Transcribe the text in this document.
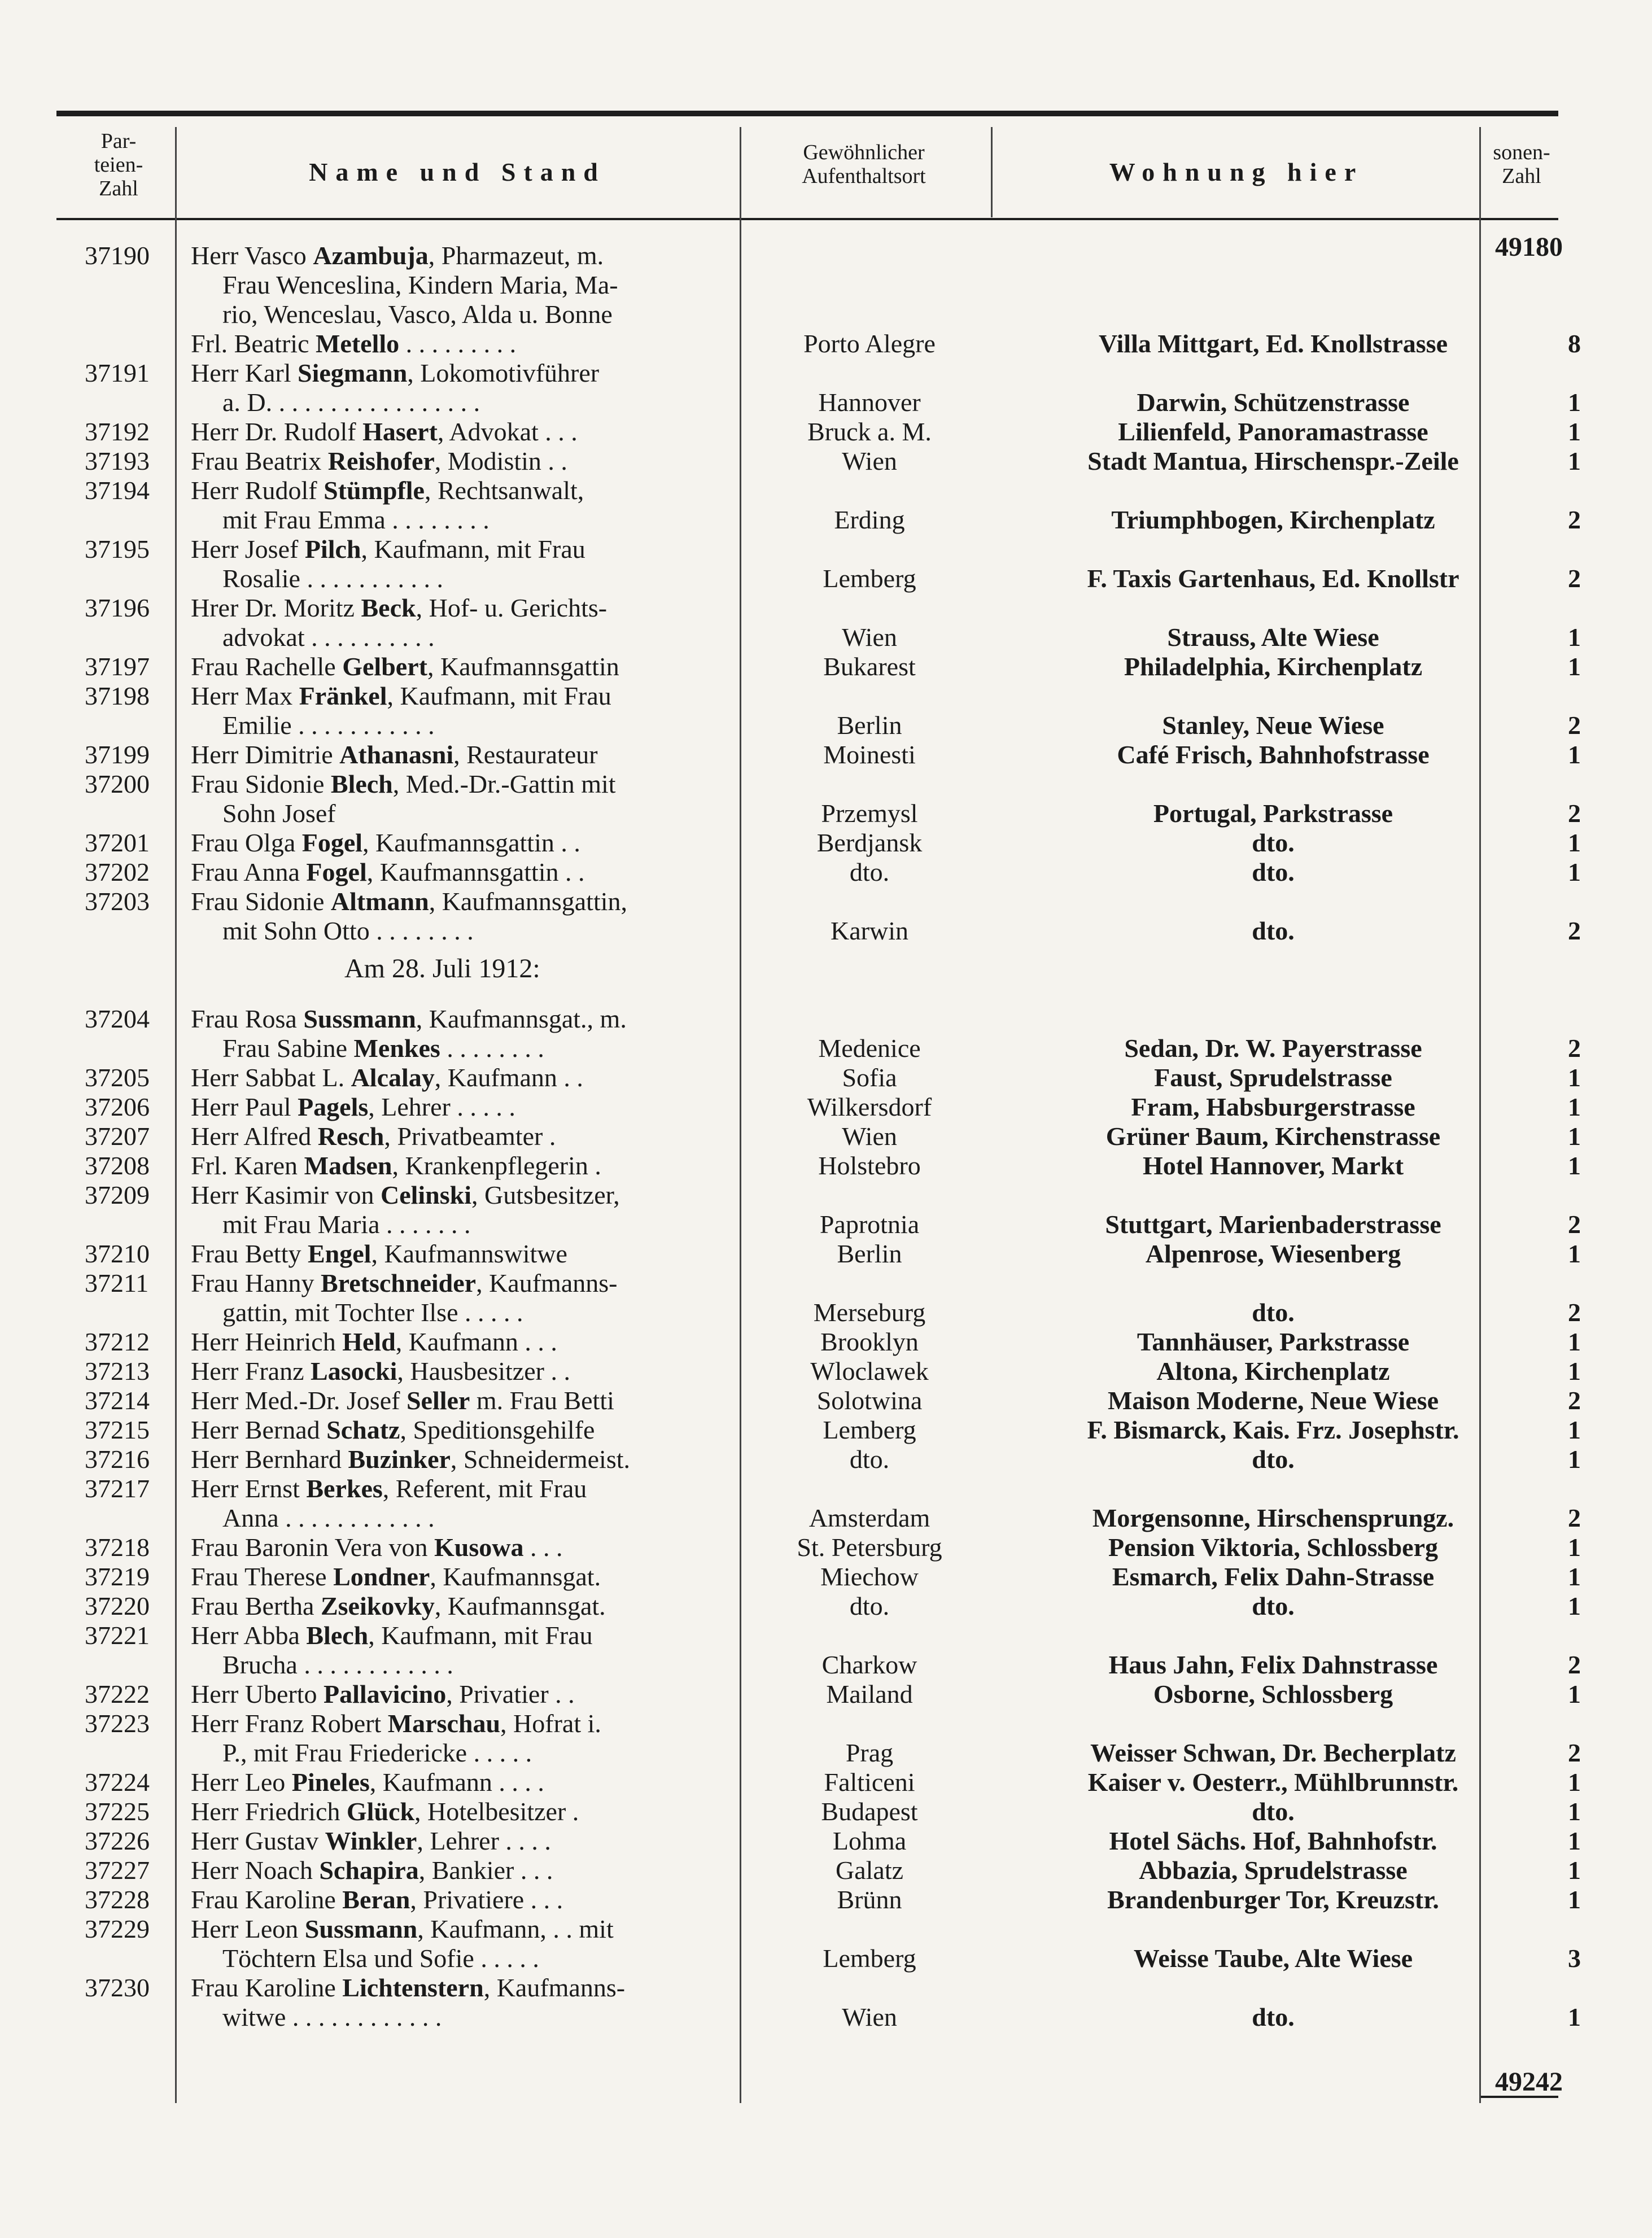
Par-
teien-
Zahl
Name und Stand
Gewöhnlicher
Aufenthaltsort	Wohnung hier
sonen-
Zahl
49180
37190	Herr Vasco Azambuja, Pharmazeut, m.
Frau Wenceslina, Kindern Maria, Ma-
rio, Wenceslau, Vasco, Alda u. Bonne
Frl. Beatric Metello . . . . . . . . .	Porto Alegre	Villa Mittgart, Ed. Knollstrasse	8
37191	Herr Karl Siegmann, Lokomotivführer
a. D. . . . . . . . . . . . . . . . .	Hannover	Darwin, Schützenstrasse	1
37192	Herr Dr. Rudolf Hasert, Advokat . . .	Bruck a. M.	Lilienfeld, Panoramastrasse	1
37193	Frau Beatrix Reishofer, Modistin . .	Wien	Stadt Mantua, Hirschenspr.-Zeile	1
37194	Herr Rudolf Stümpfle, Rechtsanwalt,
mit Frau Emma . . . . . . . .	Erding	Triumphbogen, Kirchenplatz	2
37195	Herr Josef Pilch, Kaufmann, mit Frau
Rosalie . . . . . . . . . . .	Lemberg	F. Taxis Gartenhaus, Ed. Knollstr	2
37196	Hrer Dr. Moritz Beck, Hof- u. Gerichts-
advokat . . . . . . . . . .	Wien	Strauss, Alte Wiese	1
37197	Frau Rachelle Gelbert, Kaufmannsgattin	Bukarest	Philadelphia, Kirchenplatz	1
37198	Herr Max Fränkel, Kaufmann, mit Frau
Emilie . . . . . . . . . . .	Berlin	Stanley, Neue Wiese	2
37199	Herr Dimitrie Athanasni, Restaurateur	Moinesti	Café Frisch, Bahnhofstrasse	1
37200	Frau Sidonie Blech, Med.-Dr.-Gattin mit
Sohn Josef	Przemysl	Portugal, Parkstrasse	2
37201	Frau Olga Fogel, Kaufmannsgattin . .	Berdjansk	dto.	1
37202	Frau Anna Fogel, Kaufmannsgattin . .	dto.	dto.	1
37203	Frau Sidonie Altmann, Kaufmannsgattin,
mit Sohn Otto . . . . . . . .	Karwin	dto.	2
Am 28. Juli 1912:
37204	Frau Rosa Sussmann, Kaufmannsgat., m.
Frau Sabine Menkes . . . . . . . .	Medenice	Sedan, Dr. W. Payerstrasse	2
37205	Herr Sabbat L. Alcalay, Kaufmann . .	Sofia	Faust, Sprudelstrasse	1
37206	Herr Paul Pagels, Lehrer . . . . .	Wilkersdorf	Fram, Habsburgerstrasse	1
37207	Herr Alfred Resch, Privatbeamter .	Wien	Grüner Baum, Kirchenstrasse	1
37208	Frl. Karen Madsen, Krankenpflegerin .	Holstebro	Hotel Hannover, Markt	1
37209	Herr Kasimir von Celinski, Gutsbesitzer,
mit Frau Maria . . . . . . .	Paprotnia	Stuttgart, Marienbaderstrasse	2
37210	Frau Betty Engel, Kaufmannswitwe	Berlin	Alpenrose, Wiesenberg	1
37211	Frau Hanny Bretschneider, Kaufmanns-
gattin, mit Tochter Ilse . . . . .	Merseburg	dto.	2
37212	Herr Heinrich Held, Kaufmann . . .	Brooklyn	Tannhäuser, Parkstrasse	1
37213	Herr Franz Lasocki, Hausbesitzer . .	Wloclawek	Altona, Kirchenplatz	1
37214	Herr Med.-Dr. Josef Seller m. Frau Betti	Solotwina	Maison Moderne, Neue Wiese	2
37215	Herr Bernad Schatz, Speditionsgehilfe	Lemberg	F. Bismarck, Kais. Frz. Josephstr.	1
37216	Herr Bernhard Buzinker, Schneidermeist.	dto.	dto.	1
37217	Herr Ernst Berkes, Referent, mit Frau
Anna . . . . . . . . . . . .	Amsterdam	Morgensonne, Hirschensprungz.	2
37218	Frau Baronin Vera von Kusowa . . .	St. Petersburg	Pension Viktoria, Schlossberg	1
37219	Frau Therese Londner, Kaufmannsgat.	Miechow	Esmarch, Felix Dahn-Strasse	1
37220	Frau Bertha Zseikovky, Kaufmannsgat.	dto.	dto.	1
37221	Herr Abba Blech, Kaufmann, mit Frau
Brucha . . . . . . . . . . . .	Charkow	Haus Jahn, Felix Dahnstrasse	2
37222	Herr Uberto Pallavicino, Privatier . .	Mailand	Osborne, Schlossberg	1
37223	Herr Franz Robert Marschau, Hofrat i.
P., mit Frau Friedericke . . . . .	Prag	Weisser Schwan, Dr. Becherplatz	2
37224	Herr Leo Pineles, Kaufmann . . . .	Falticeni	Kaiser v. Oesterr., Mühlbrunnstr.	1
37225	Herr Friedrich Glück, Hotelbesitzer .	Budapest	dto.	1
37226	Herr Gustav Winkler, Lehrer . . . .	Lohma	Hotel Sächs. Hof, Bahnhofstr.	1
37227	Herr Noach Schapira, Bankier . . .	Galatz	Abbazia, Sprudelstrasse	1
37228	Frau Karoline Beran, Privatiere . . .	Brünn	Brandenburger Tor, Kreuzstr.	1
37229	Herr Leon Sussmann, Kaufmann, . . mit
Töchtern Elsa und Sofie . . . . .	Lemberg	Weisse Taube, Alte Wiese	3
37230	Frau Karoline Lichtenstern, Kaufmanns-
witwe . . . . . . . . . . . .	Wien	dto.	1
49242
